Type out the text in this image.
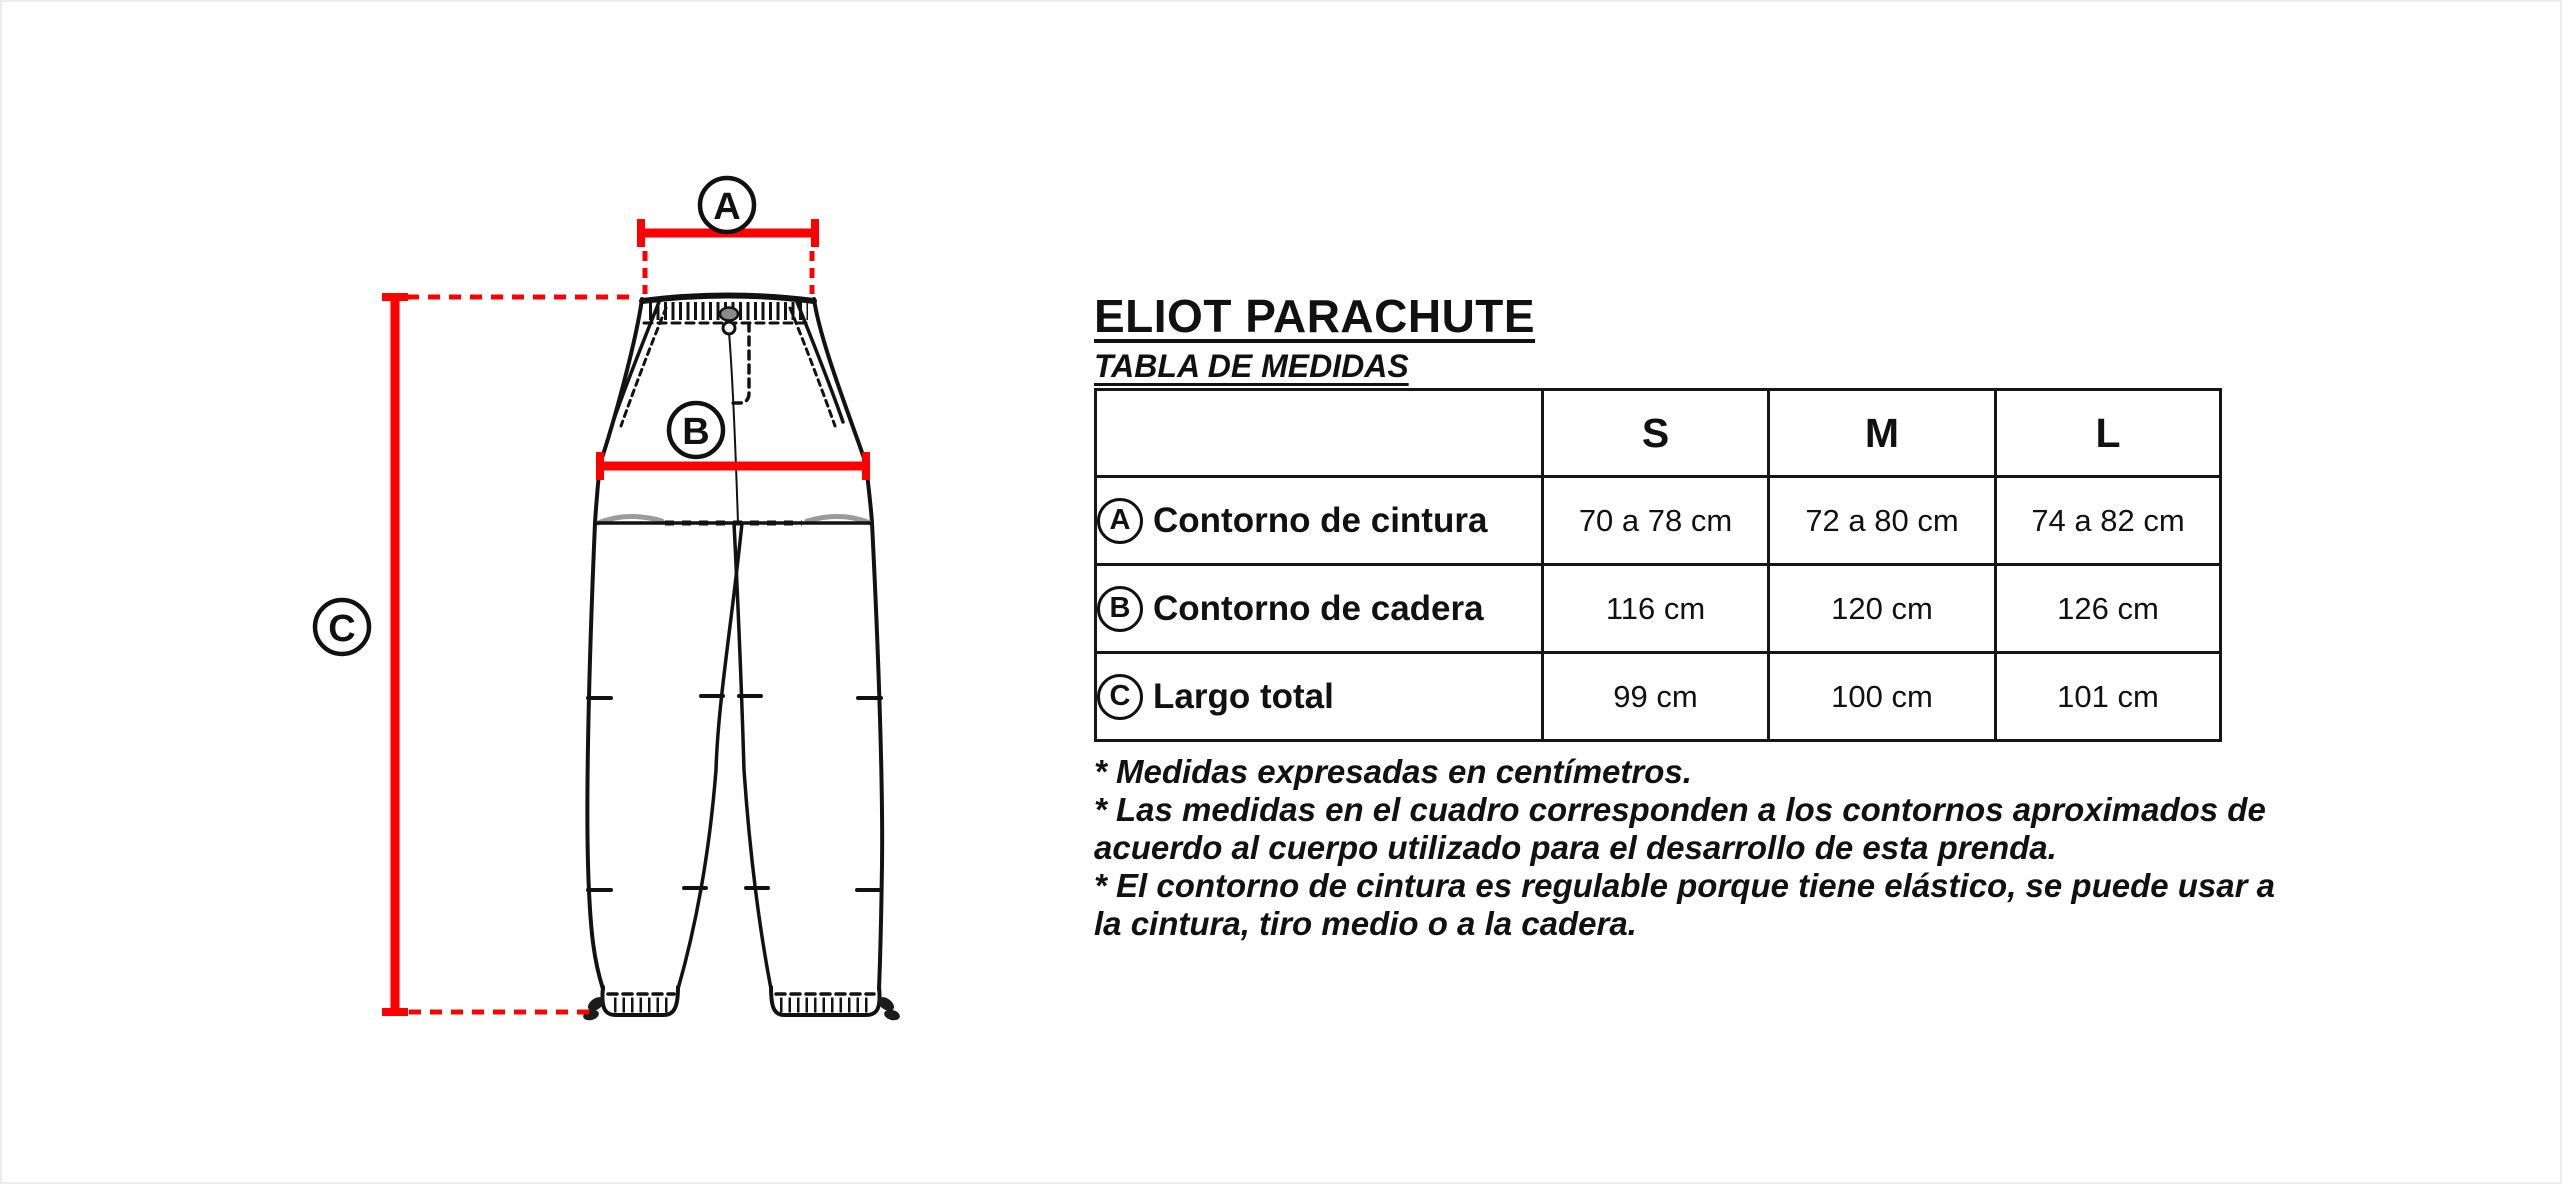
A
B
C
ELIOT PARACHUTE
TABLA DE MEDIDAS
	S	M	L

A Contorno de cintura	70 a 78 cm	72 a 80 cm	74 a 82 cm

B Contorno de cadera	116 cm	120 cm	126 cm

C Largo total	99 cm	100 cm	101 cm

* Medidas expresadas en centímetros.

* Las medidas en el cuadro corresponden a los contornos aproximados de acuerdo al cuerpo utilizado para el desarrollo de esta prenda.

* El contorno de cintura es regulable porque tiene elástico, se puede usar a la cintura, tiro medio o a la cadera.
